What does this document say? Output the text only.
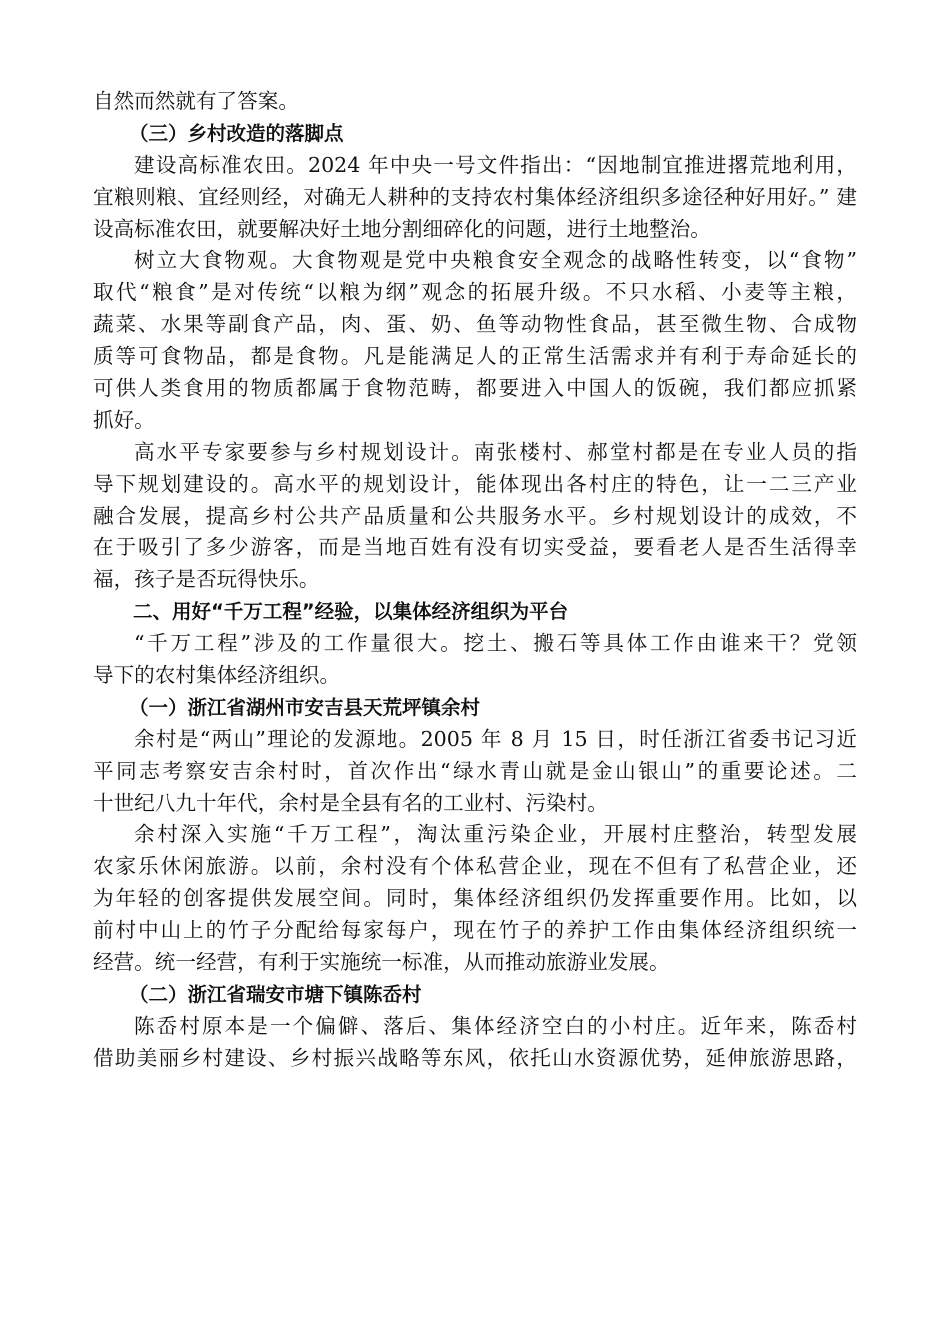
自然而然就有了答案。
（三）乡村改造的落脚点
建设高标准农田。2024 年中央一号文件指出：“因地制宜推进撂荒地利用，
宜粮则粮、宜经则经，对确无人耕种的支持农村集体经济组织多途径种好用好。” 建
设高标准农田，就要解决好土地分割细碎化的问题，进行土地整治。
树立大食物观。大食物观是党中央粮食安全观念的战略性转变，以“食物”
取代“粮食”是对传统“以粮为纲”观念的拓展升级。不只水稻、小麦等主粮，
蔬菜、水果等副食产品，肉、蛋、奶、鱼等动物性食品，甚至微生物、合成物
质等可食物品，都是食物。凡是能满足人的正常生活需求并有利于寿命延长的
可供人类食用的物质都属于食物范畴，都要进入中国人的饭碗，我们都应抓紧
抓好。
高水平专家要参与乡村规划设计。南张楼村、郝堂村都是在专业人员的指
导下规划建设的。高水平的规划设计，能体现出各村庄的特色，让一二三产业
融合发展，提高乡村公共产品质量和公共服务水平。乡村规划设计的成效，不
在于吸引了多少游客，而是当地百姓有没有切实受益，要看老人是否生活得幸
福，孩子是否玩得快乐。
二、用好“千万工程”经验，以集体经济组织为平台
“千万工程”涉及的工作量很大。挖土、搬石等具体工作由谁来干？党领
导下的农村集体经济组织。
（一）浙江省湖州市安吉县天荒坪镇余村
余村是“两山”理论的发源地。2005 年 8 月 15 日，时任浙江省委书记习近
平同志考察安吉余村时，首次作出“绿水青山就是金山银山”的重要论述。二
十世纪八九十年代，余村是全县有名的工业村、污染村。
余村深入实施“千万工程”，淘汰重污染企业，开展村庄整治，转型发展
农家乐休闲旅游。以前，余村没有个体私营企业，现在不但有了私营企业，还
为年轻的创客提供发展空间。同时，集体经济组织仍发挥重要作用。比如，以
前村中山上的竹子分配给每家每户，现在竹子的养护工作由集体经济组织统一
经营。统一经营，有利于实施统一标准，从而推动旅游业发展。
（二）浙江省瑞安市塘下镇陈岙村
陈岙村原本是一个偏僻、落后、集体经济空白的小村庄。近年来，陈岙村
借助美丽乡村建设、乡村振兴战略等东风，依托山水资源优势，延伸旅游思路，
